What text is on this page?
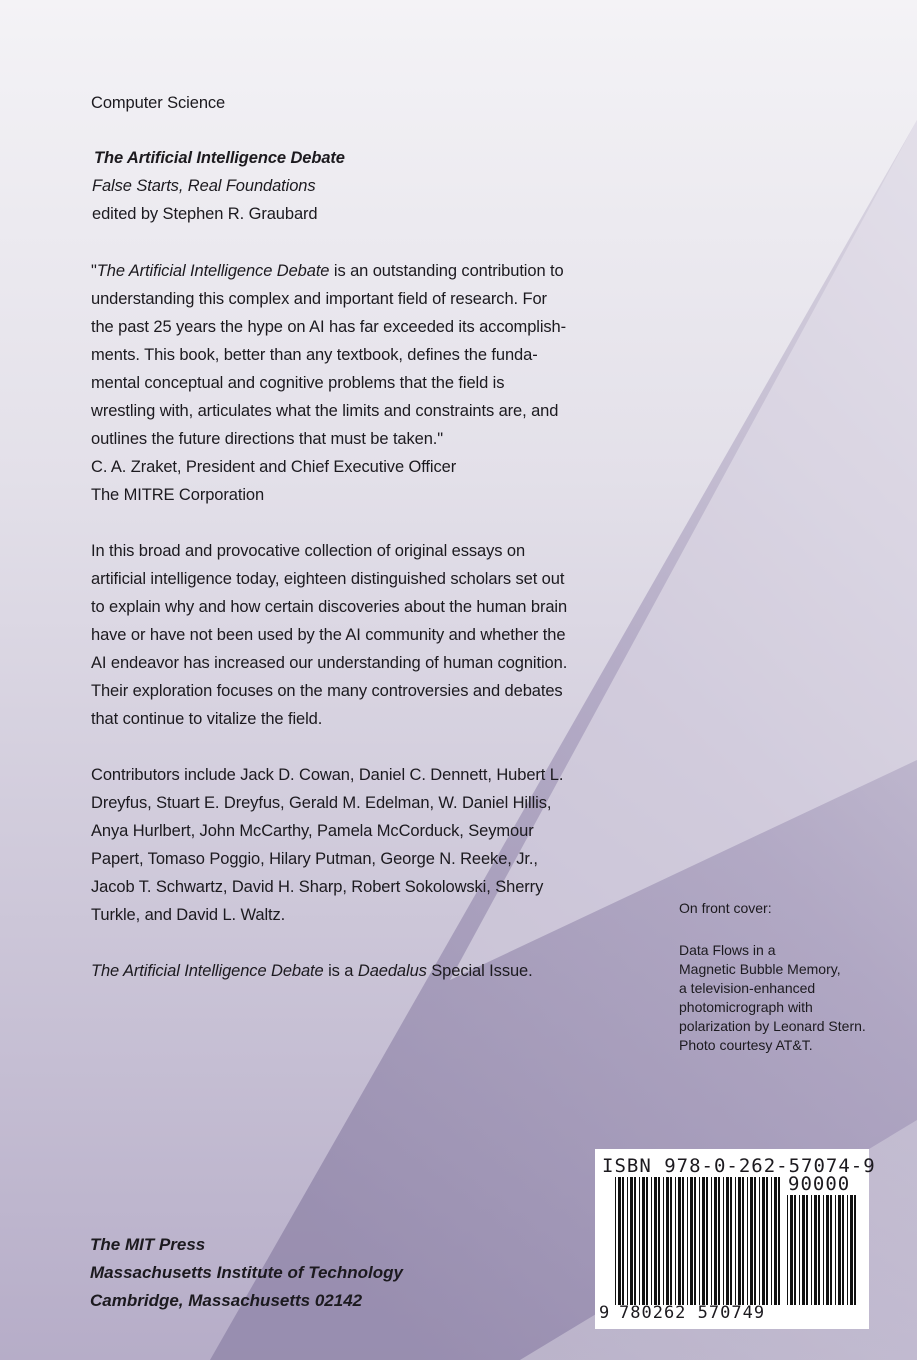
Computer Science
The Artificial Intelligence Debate
False Starts, Real Foundations
edited by Stephen R. Graubard
"The Artificial Intelligence Debate is an outstanding contribution to
understanding this complex and important field of research. For
the past 25 years the hype on AI has far exceeded its accomplish-
ments. This book, better than any textbook, defines the funda-
mental conceptual and cognitive problems that the field is
wrestling with, articulates what the limits and constraints are, and
outlines the future directions that must be taken."
C. A. Zraket, President and Chief Executive Officer
The MITRE Corporation
In this broad and provocative collection of original essays on
artificial intelligence today, eighteen distinguished scholars set out
to explain why and how certain discoveries about the human brain
have or have not been used by the AI community and whether the
AI endeavor has increased our understanding of human cognition.
Their exploration focuses on the many controversies and debates
that continue to vitalize the field.
Contributors include Jack D. Cowan, Daniel C. Dennett, Hubert L.
Dreyfus, Stuart E. Dreyfus, Gerald M. Edelman, W. Daniel Hillis,
Anya Hurlbert, John McCarthy, Pamela McCorduck, Seymour
Papert, Tomaso Poggio, Hilary Putman, George N. Reeke, Jr.,
Jacob T. Schwartz, David H. Sharp, Robert Sokolowski, Sherry
Turkle, and David L. Waltz.
The Artificial Intelligence Debate is a Daedalus Special Issue.
On front cover:
Data Flows in a
Magnetic Bubble Memory,
a television-enhanced
photomicrograph with
polarization by Leonard Stern.
Photo courtesy AT&T.
The MIT Press
Massachusetts Institute of Technology
Cambridge, Massachusetts 02142
ISBN 978-0-262-57074-9
90000
9 780262 570749
